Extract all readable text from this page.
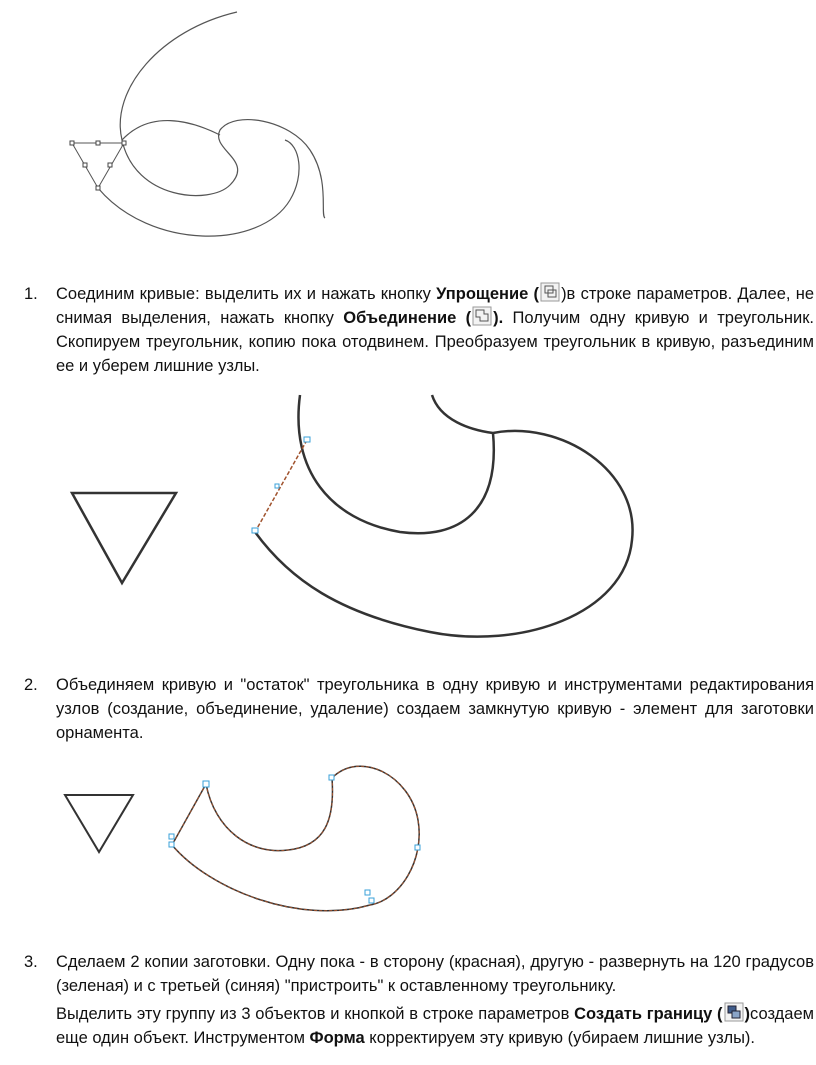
1.	Соединим кривые: выделить их и нажать кнопку Упрощение ( )в строке параметров. Далее, не снимая выделения, нажать кнопку Объединение ( ). Получим одну кривую и треугольник. Скопируем треугольник, копию пока отодвинем. Преобразуем треугольник в кривую, разъединим ее и уберем лишние узлы.

2.	Объединяем кривую и "остаток" треугольника в одну кривую и инструментами редактирования узлов (создание, объединение, удаление) создаем замкнутую кривую - элемент для заготовки орнамента.

3.	Сделаем 2 копии заготовки. Одну пока - в сторону (красная), другую - развернуть на 120 градусов (зеленая) и с третьей (синяя) "пристроить" к оставленному треугольнику.

Выделить эту группу из 3 объектов и кнопкой в строке параметров Создать границу ( )создаем еще один объект. Инструментом Форма корректируем эту кривую (убираем лишние узлы).
